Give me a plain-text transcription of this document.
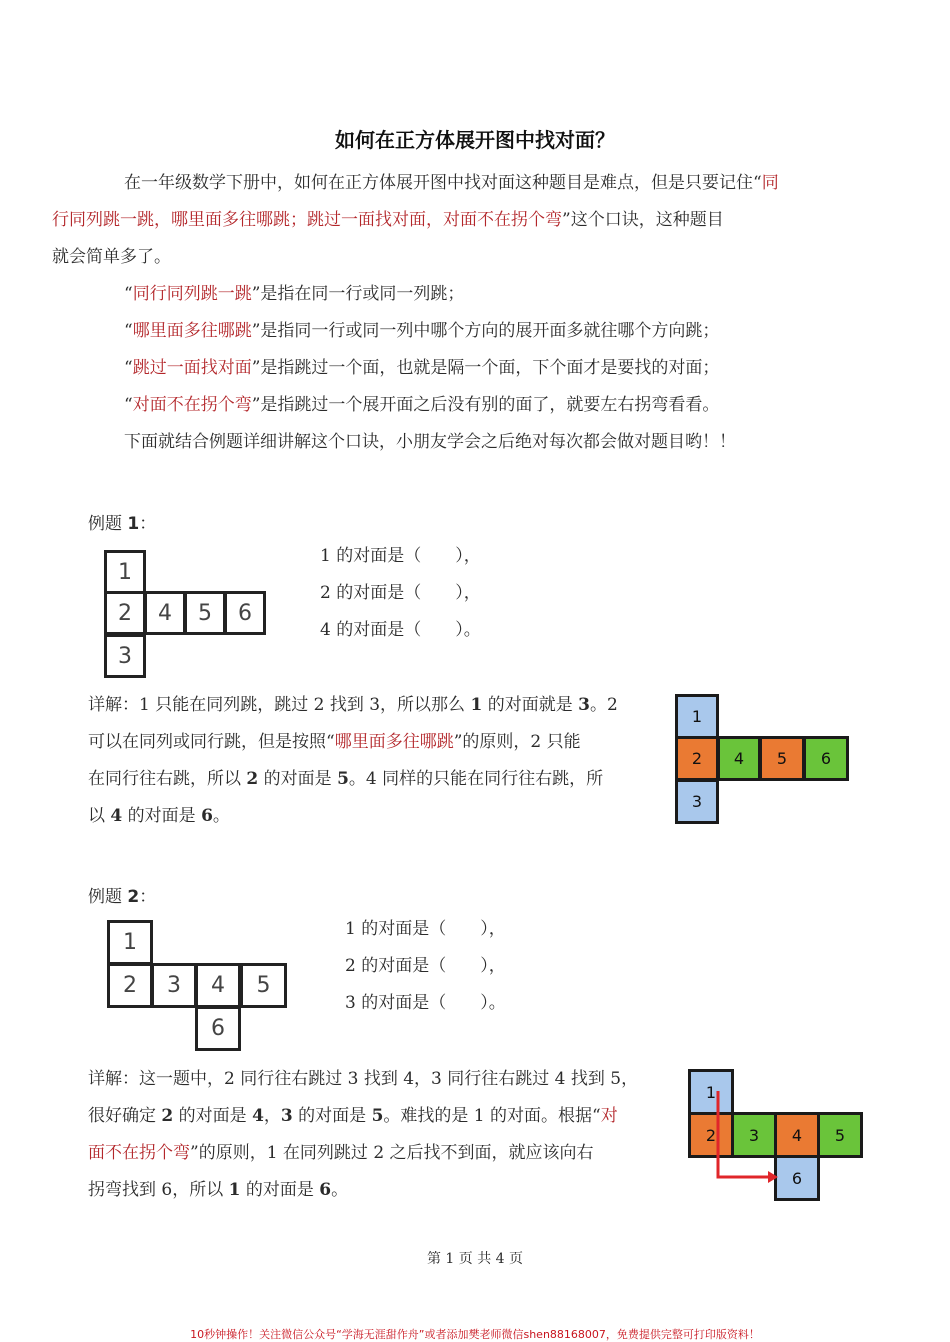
如何在正方体展开图中找对面？
在一年级数学下册中，如何在正方体展开图中找对面这种题目是难点，但是只要记住“同
行同列跳一跳，哪里面多往哪跳；跳过一面找对面，对面不在拐个弯”这个口诀，这种题目
就会简单多了。
“同行同列跳一跳”是指在同一行或同一列跳；
“哪里面多往哪跳”是指同一行或同一列中哪个方向的展开面多就往哪个方向跳；
“跳过一面找对面”是指跳过一个面，也就是隔一个面，下个面才是要找的对面；
“对面不在拐个弯”是指跳过一个展开面之后没有别的面了，就要左右拐弯看看。
下面就结合例题详细讲解这个口诀，小朋友学会之后绝对每次都会做对题目哟！！
例题 1：
1
2	4	5	6
3
1 的对面是（　　），
2 的对面是（　　），
4 的对面是（　　）。
详解：1 只能在同列跳，跳过 2 找到 3，所以那么 1 的对面就是 3。2
可以在同列或同行跳，但是按照“哪里面多往哪跳”的原则，2 只能
在同行往右跳，所以 2 的对面是 5。4 同样的只能在同行往右跳，所
以 4 的对面是 6。
1
2	4	5	6
3
例题 2：
1
2	3	4	5
6
1 的对面是（　　），
2 的对面是（　　），
3 的对面是（　　）。
详解：这一题中，2 同行往右跳过 3 找到 4，3 同行往右跳过 4 找到 5，
很好确定 2 的对面是 4，3 的对面是 5。难找的是 1 的对面。根据“对
面不在拐个弯”的原则，1 在同列跳过 2 之后找不到面，就应该向右
拐弯找到 6，所以 1 的对面是 6。
1
2	3	4	5
6
第 1 页 共 4 页
10秒钟操作！关注微信公众号“学海无涯甜作舟”或者添加樊老师微信shen88168007，免费提供完整可打印版资料！
